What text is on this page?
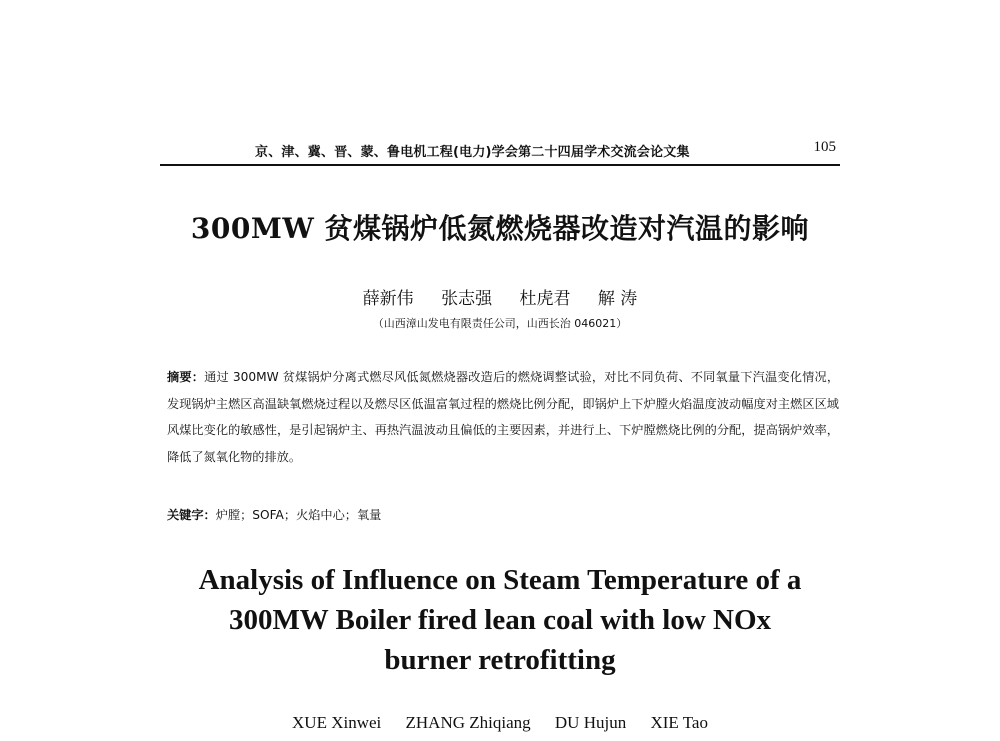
京、津、冀、晋、蒙、鲁电机工程(电力)学会第二十四届学术交流会论文集	105
300MW 贫煤锅炉低氮燃烧器改造对汽温的影响
薛新伟 张志强 杜虎君 解 涛
（山西漳山发电有限责任公司，山西长治 046021）
摘要：通过 300MW 贫煤锅炉分离式燃尽风低氮燃烧器改造后的燃烧调整试验，对比不同负荷、不同氧量下汽温变化情况，发现锅炉主燃区高温缺氧燃烧过程以及燃尽区低温富氧过程的燃烧比例分配，即锅炉上下炉膛火焰温度波动幅度对主燃区区域风煤比变化的敏感性，是引起锅炉主、再热汽温波动且偏低的主要因素，并进行上、下炉膛燃烧比例的分配，提高锅炉效率，降低了氮氧化物的排放。
关键字：炉膛；SOFA；火焰中心；氧量
Analysis of Influence on Steam Temperature of a
300MW Boiler fired lean coal with low NOx
burner retrofitting
XUE Xinwei ZHANG Zhiqiang DU Hujun XIE Tao
